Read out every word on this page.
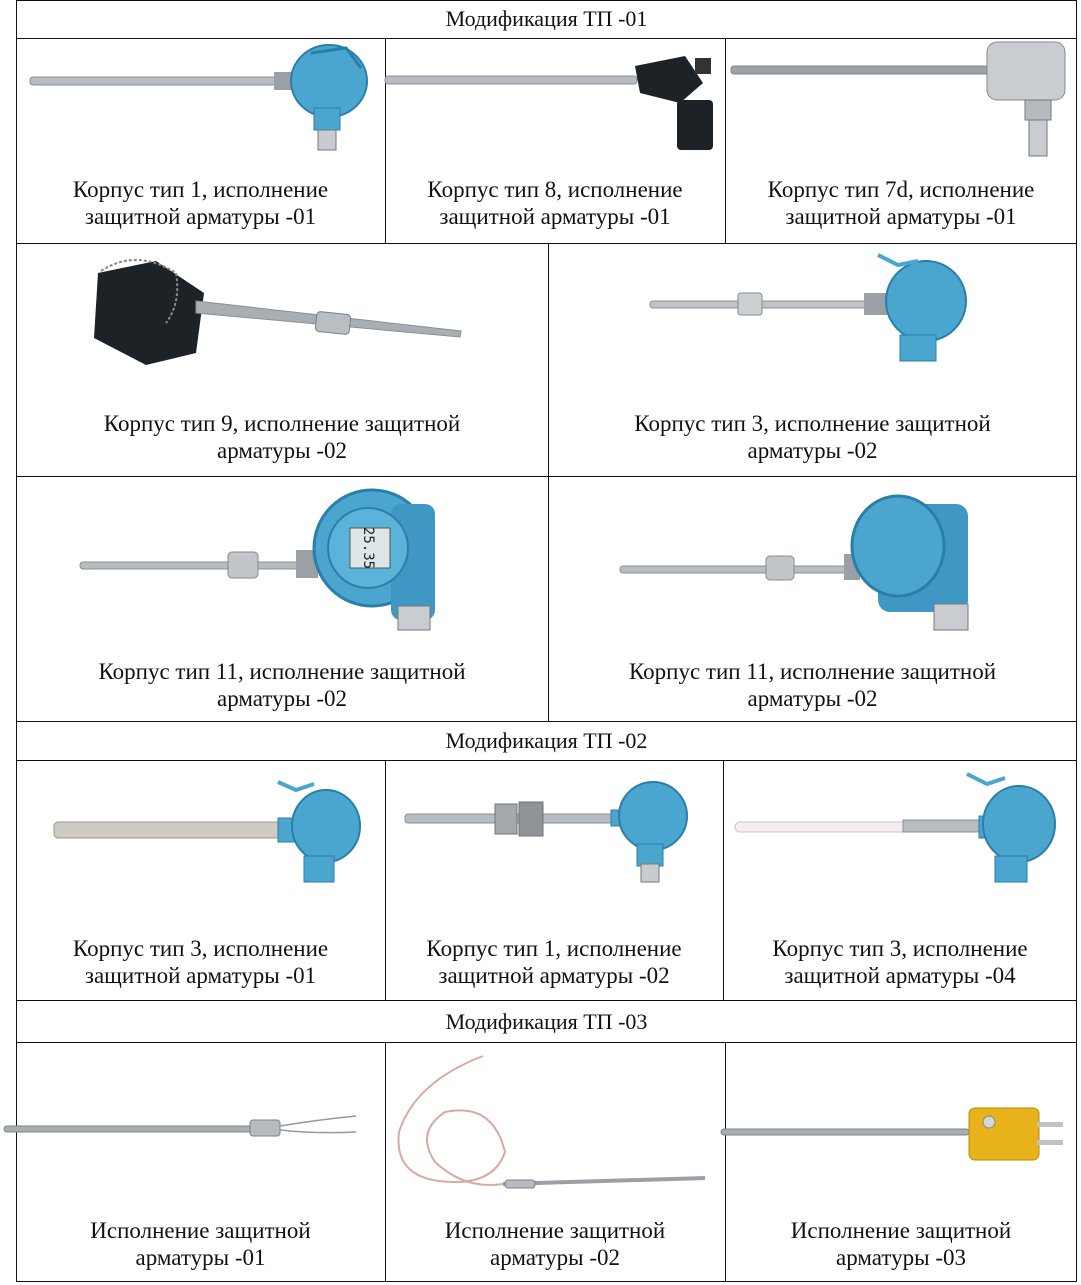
Модификация ТП -01
Корпус тип 1, исполнение
защитной арматуры -01
Корпус тип 8, исполнение
защитной арматуры -01
Корпус тип 7d, исполнение
защитной арматуры -01
Корпус тип 9, исполнение защитной
арматуры -02
Корпус тип 3, исполнение защитной
арматуры -02
25.35
Корпус тип 11, исполнение защитной
арматуры -02
Корпус тип 11, исполнение защитной
арматуры -02
Модификация ТП -02
Корпус тип 3, исполнение
защитной арматуры -01
Корпус тип 1, исполнение
защитной арматуры -02
Корпус тип 3, исполнение
защитной арматуры -04
Модификация ТП -03
Исполнение защитной
арматуры -01
Исполнение защитной
арматуры -02
Исполнение защитной
арматуры -03
